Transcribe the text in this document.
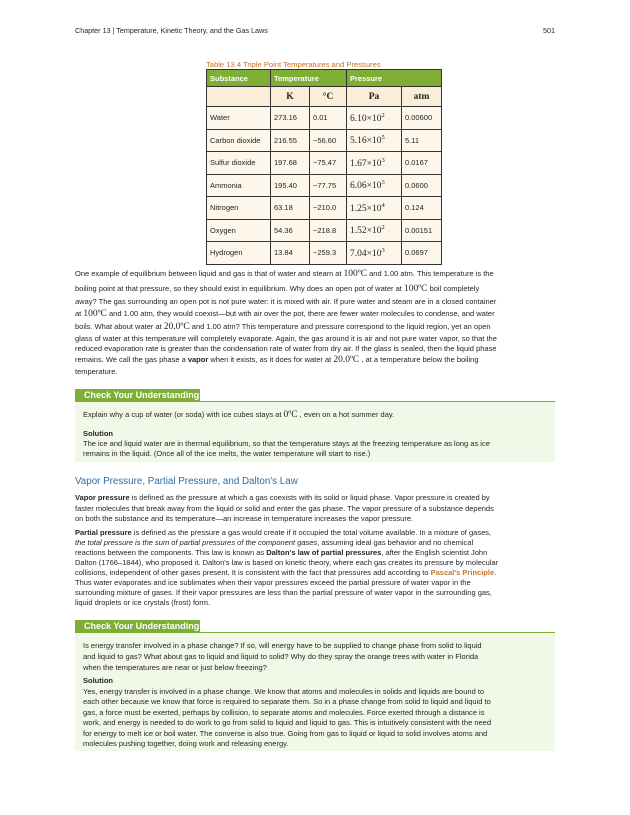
Chapter 13 | Temperature, Kinetic Theory, and the Gas Laws	501
Table 13.4 Triple Point Temperatures and Pressures
Substance	Temperature		Pressure	
	K	°C	Pa	atm
Water	273.16	0.01	$6.10\times 10^2$	0.00600
Carbon dioxide	216.55	−56.60	$5.16\times 10^5$	5.11
Sulfur dioxide	197.68	−75.47	$1.67\times 10^3$	0.0167
Ammonia	195.40	−77.75	$6.06\times 10^3$	0.0600
Nitrogen	63.18	−210.0	$1.25\times 10^4$	0.124
Oxygen	54.36	−218.8	$1.52\times 10^2$	0.00151
Hydrogen	13.84	−259.3	$7.04\times 10^3$	0.0697

One example of equilibrium between liquid and gas is that of water and steam at 100ºC and 1.00 atm. This temperature is the

boiling point at that pressure, so they should exist in equilibrium. Why does an open pot of water at 100ºC boil completely

away? The gas surrounding an open pot is not pure water: it is mixed with air. If pure water and steam are in a closed container

at 100ºC and 1.00 atm, they would coexist—but with air over the pot, there are fewer water molecules to condense, and water

boils. What about water at 20.0ºC and 1.00 atm? This temperature and pressure correspond to the liquid region, yet an open

glass of water at this temperature will completely evaporate. Again, the gas around it is air and not pure water vapor, so that the

reduced evaporation rate is greater than the condensation rate of water from dry air. If the glass is sealed, then the liquid phase

remains. We call the gas phase a vapor when it exists, as it does for water at 20.0ºC , at a temperature below the boiling

temperature.

Check Your Understanding

Explain why a cup of water (or soda) with ice cubes stays at 0ºC , even on a hot summer day.

Solution

The ice and liquid water are in thermal equilibrium, so that the temperature stays at the freezing temperature as long as ice

remains in the liquid. (Once all of the ice melts, the water temperature will start to rise.)

Vapor Pressure, Partial Pressure, and Dalton's Law

Vapor pressure is defined as the pressure at which a gas coexists with its solid or liquid phase. Vapor pressure is created by

faster molecules that break away from the liquid or solid and enter the gas phase. The vapor pressure of a substance depends

on both the substance and its temperature—an increase in temperature increases the vapor pressure.

Partial pressure is defined as the pressure a gas would create if it occupied the total volume available. In a mixture of gases,

the total pressure is the sum of partial pressures of the component gases, assuming ideal gas behavior and no chemical

reactions between the components. This law is known as Dalton's law of partial pressures, after the English scientist John

Dalton (1766–1844), who proposed it. Dalton's law is based on kinetic theory, where each gas creates its pressure by molecular

collisions, independent of other gases present. It is consistent with the fact that pressures add according to Pascal's Principle.

Thus water evaporates and ice sublimates when their vapor pressures exceed the partial pressure of water vapor in the

surrounding mixture of gases. If their vapor pressures are less than the partial pressure of water vapor in the surrounding gas,

liquid droplets or ice crystals (frost) form.

Check Your Understanding

Is energy transfer involved in a phase change? If so, will energy have to be supplied to change phase from solid to liquid

and liquid to gas? What about gas to liquid and liquid to solid? Why do they spray the orange trees with water in Florida

when the temperatures are near or just below freezing?

Solution

Yes, energy transfer is involved in a phase change. We know that atoms and molecules in solids and liquids are bound to

each other because we know that force is required to separate them. So in a phase change from solid to liquid and liquid to

gas, a force must be exerted, perhaps by collision, to separate atoms and molecules. Force exerted through a distance is

work, and energy is needed to do work to go from solid to liquid and liquid to gas. This is intuitively consistent with the need

for energy to melt ice or boil water. The converse is also true. Going from gas to liquid or liquid to solid involves atoms and

molecules pushing together, doing work and releasing energy.
